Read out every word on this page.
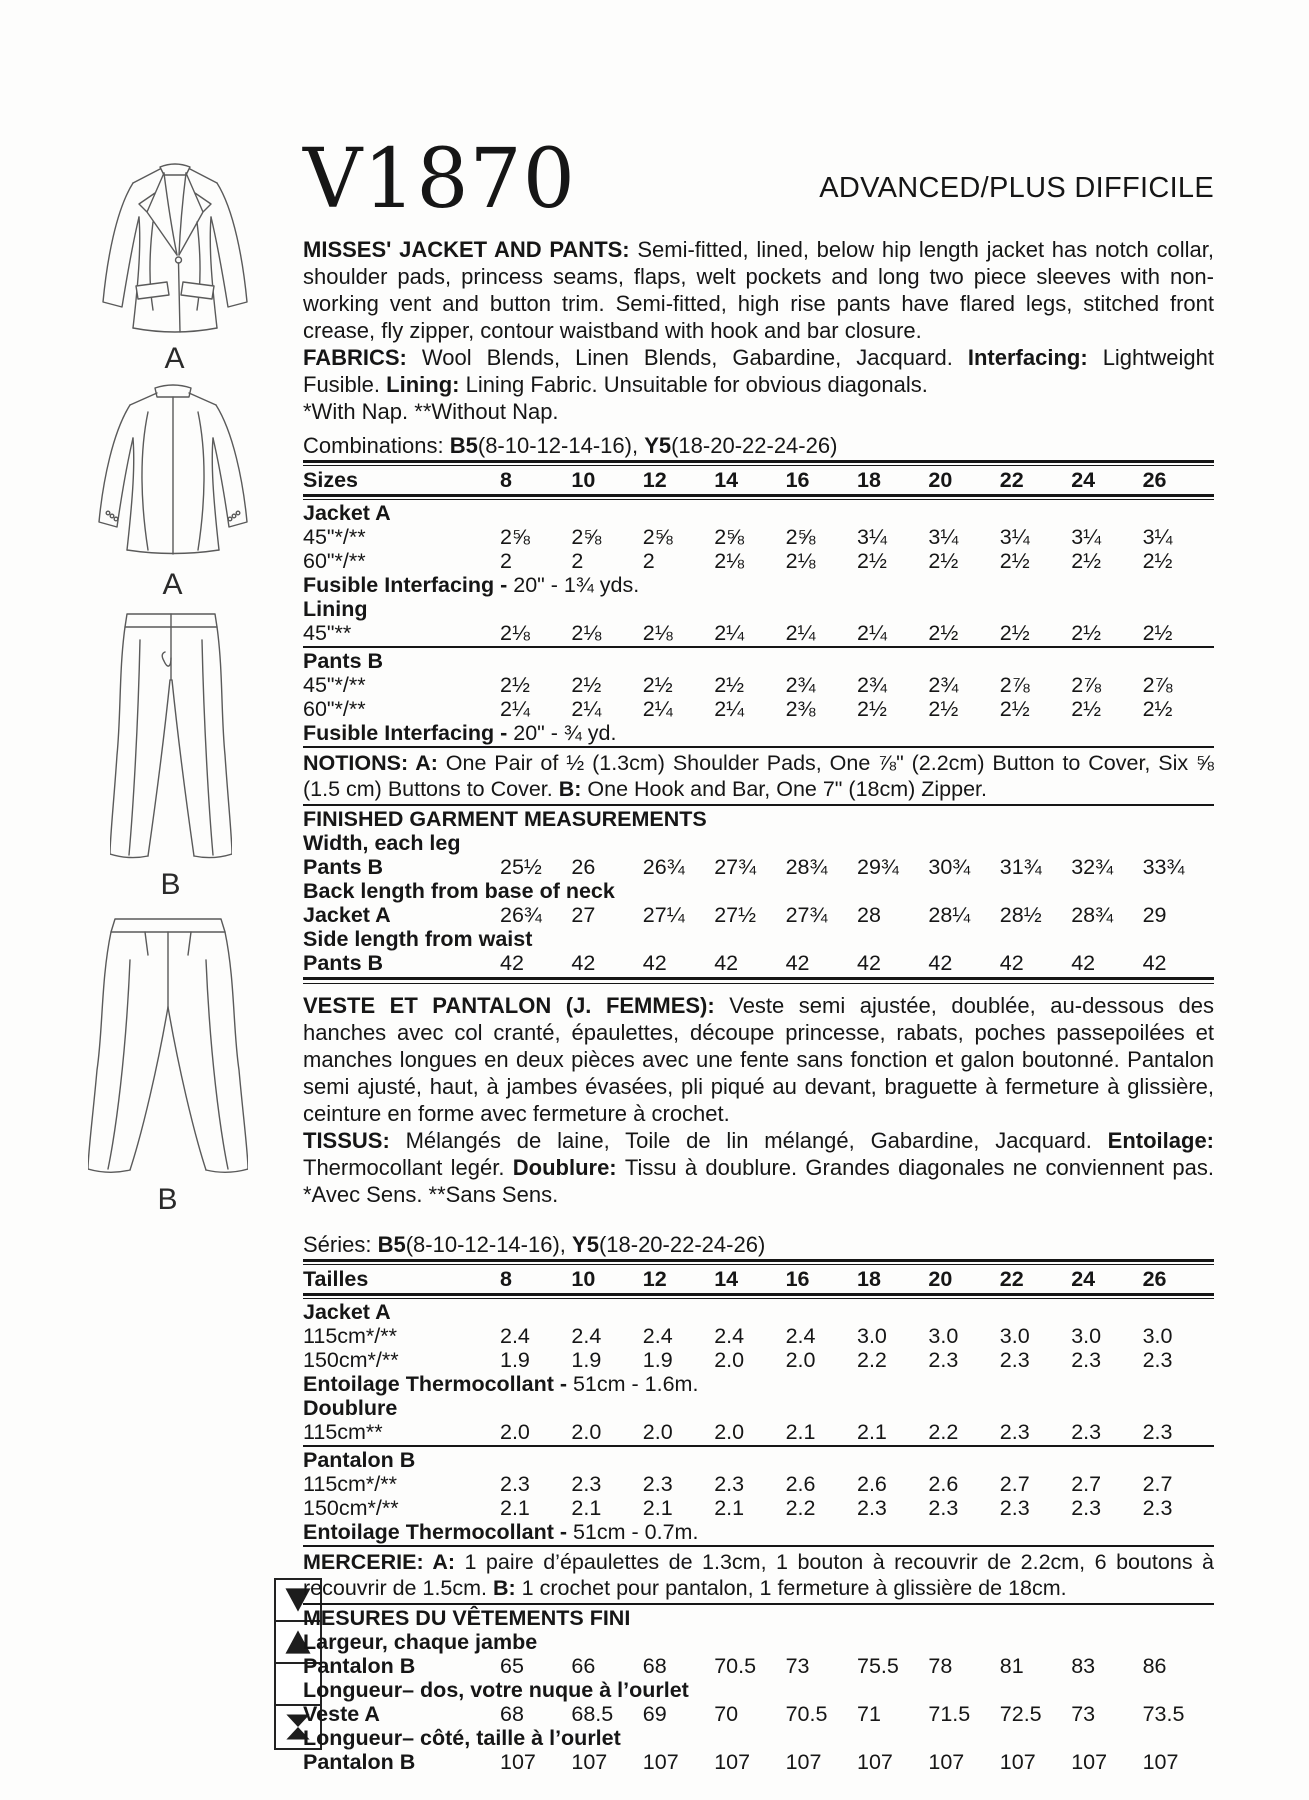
A
A
B
B
V1870	ADVANCED/PLUS DIFFICILE
MISSES' JACKET AND PANTS: Semi-fitted, lined, below hip length jacket has notch collar, shoulder pads, princess seams, flaps, welt pockets and long two piece sleeves with non-working vent and button trim. Semi-fitted, high rise pants have flared legs, stitched front crease, fly zipper, contour waistband with hook and bar closure.
FABRICS: Wool Blends, Linen Blends, Gabardine, Jacquard. Interfacing: Lightweight Fusible. Lining: Lining Fabric. Unsuitable for obvious diagonals.
*With Nap. **Without Nap.
Combinations: B5(8-10-12-14-16), Y5(18-20-22-24-26)
Sizes	8	10	12	14	16	18	20	22	24	26
Jacket A
45"*/**	2⅝	2⅝	2⅝	2⅝	2⅝	3¼	3¼	3¼	3¼	3¼
60"*/**	2	2	2	2⅛	2⅛	2½	2½	2½	2½	2½
Fusible Interfacing - 20" - 1¾ yds.
Lining
45"**	2⅛	2⅛	2⅛	2¼	2¼	2¼	2½	2½	2½	2½
Pants B
45"*/**	2½	2½	2½	2½	2¾	2¾	2¾	2⅞	2⅞	2⅞
60"*/**	2¼	2¼	2¼	2¼	2⅜	2½	2½	2½	2½	2½
Fusible Interfacing - 20" - ¾ yd.
NOTIONS: A: One Pair of ½ (1.3cm) Shoulder Pads, One ⅞" (2.2cm) Button to Cover, Six ⅝ (1.5 cm) Buttons to Cover. B: One Hook and Bar, One 7" (18cm) Zipper.
FINISHED GARMENT MEASUREMENTS
Width, each leg
Pants B	25½	26	26¾	27¾	28¾	29¾	30¾	31¾	32¾	33¾
Back length from base of neck
Jacket A	26¾	27	27¼	27½	27¾	28	28¼	28½	28¾	29
Side length from waist
Pants B	42	42	42	42	42	42	42	42	42	42
VESTE ET PANTALON (J. FEMMES): Veste semi ajustée, doublée, au-dessous des hanches avec col cranté, épaulettes, découpe princesse, rabats, poches passepoilées et manches longues en deux pièces avec une fente sans fonction et galon boutonné. Pantalon semi ajusté, haut, à jambes évasées, pli piqué au devant, braguette à fermeture à glissière, ceinture en forme avec fermeture à crochet.
TISSUS: Mélangés de laine, Toile de lin mélangé, Gabardine, Jacquard. Entoilage: Thermocollant legér. Doublure: Tissu à doublure. Grandes diagonales ne conviennent pas. *Avec Sens. **Sans Sens.
Séries: B5(8-10-12-14-16), Y5(18-20-22-24-26)
Tailles	8	10	12	14	16	18	20	22	24	26
Jacket A
115cm*/**	2.4	2.4	2.4	2.4	2.4	3.0	3.0	3.0	3.0	3.0
150cm*/**	1.9	1.9	1.9	2.0	2.0	2.2	2.3	2.3	2.3	2.3
Entoilage Thermocollant - 51cm - 1.6m.
Doublure
115cm**	2.0	2.0	2.0	2.0	2.1	2.1	2.2	2.3	2.3	2.3
Pantalon B
115cm*/**	2.3	2.3	2.3	2.3	2.6	2.6	2.6	2.7	2.7	2.7
150cm*/**	2.1	2.1	2.1	2.1	2.2	2.3	2.3	2.3	2.3	2.3
Entoilage Thermocollant - 51cm - 0.7m.
MERCERIE: A: 1 paire d’épaulettes de 1.3cm, 1 bouton à recouvrir de 2.2cm, 6 boutons à recouvrir de 1.5cm. B: 1 crochet pour pantalon, 1 fermeture à glissière de 18cm.
MESURES DU VÊTEMENTS FINI
Largeur, chaque jambe
Pantalon B	65	66	68	70.5	73	75.5	78	81	83	86
Longueur– dos, votre nuque à l’ourlet
Veste A	68	68.5	69	70	70.5	71	71.5	72.5	73	73.5
Longueur– côté, taille à l’ourlet
Pantalon B	107	107	107	107	107	107	107	107	107	107
